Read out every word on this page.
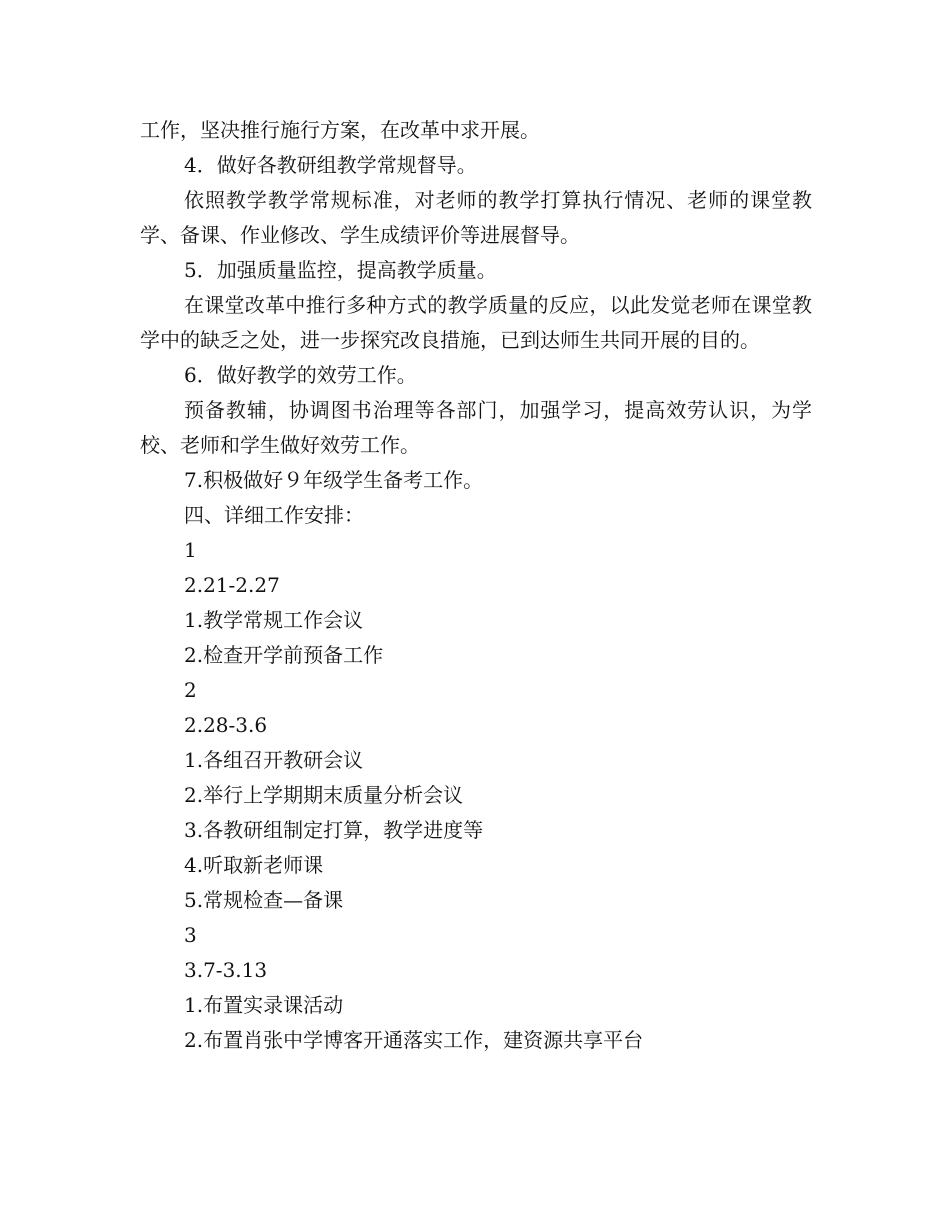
工作，坚决推行施行方案，在改革中求开展。

4．做好各教研组教学常规督导。

依照教学教学常规标准，对老师的教学打算执行情况、老师的课堂教学、备课、作业修改、学生成绩评价等进展督导。

5．加强质量监控，提高教学质量。

在课堂改革中推行多种方式的教学质量的反应，以此发觉老师在课堂教学中的缺乏之处，进一步探究改良措施，已到达师生共同开展的目的。

6．做好教学的效劳工作。

预备教辅，协调图书治理等各部门，加强学习，提高效劳认识，为学校、老师和学生做好效劳工作。

7.积极做好９年级学生备考工作。

四、详细工作安排：

1

2.21-2.27

1.教学常规工作会议

2.检查开学前预备工作

2

2.28-3.6

1.各组召开教研会议

2.举行上学期期末质量分析会议

3.各教研组制定打算，教学进度等

4.听取新老师课

5.常规检查—备课

3

3.7-3.13

1.布置实录课活动

2.布置肖张中学博客开通落实工作，建资源共享平台
